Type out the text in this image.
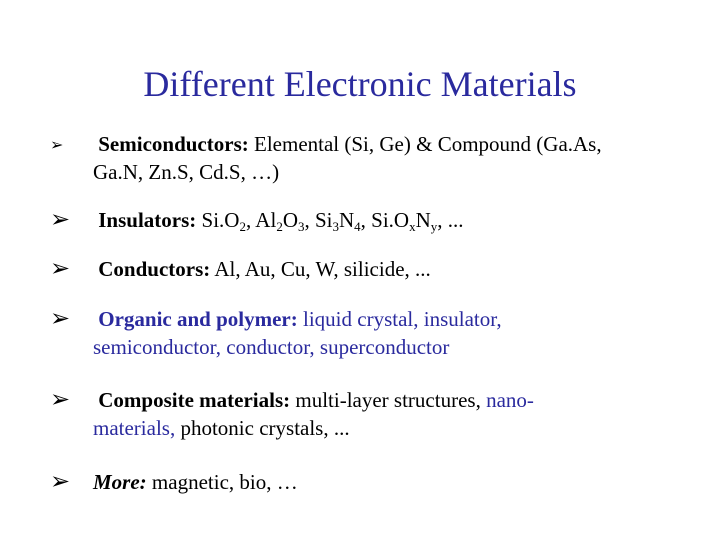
Different Electronic Materials
➢ Semiconductors: Elemental (Si, Ge) & Compound (Ga.As,
Ga.N, Zn.S, Cd.S, …)
➢ Insulators: $Si.O_2$, $Al_2O_3$, $Si_3N_4$, $Si.O_xN_y$, ...
➢ Conductors: Al, Au, Cu, W, silicide, ...
➢ Organic and polymer: liquid crystal, insulator,
semiconductor, conductor, superconductor
➢ Composite materials: multi-layer structures, nano-
materials, photonic crystals, ...
➢ More: magnetic, bio, …
